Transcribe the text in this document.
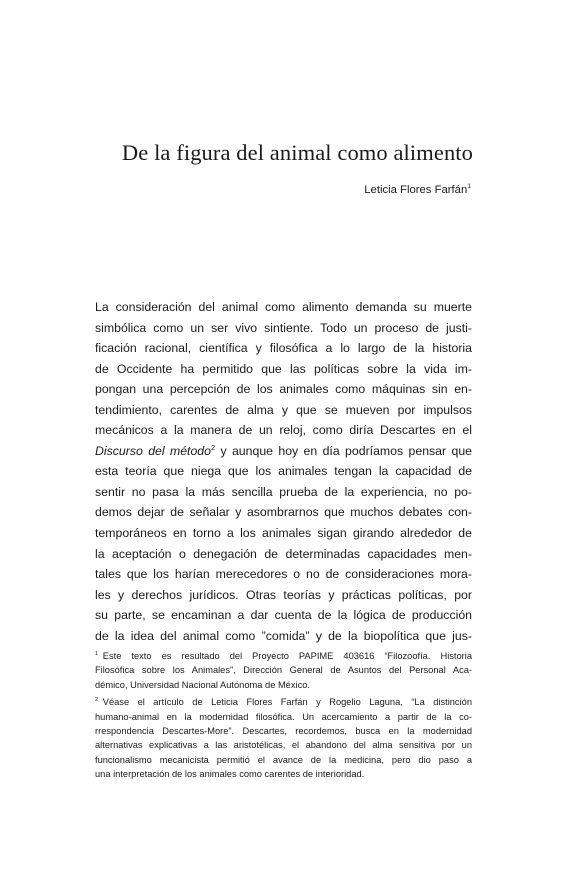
De la figura del animal como alimento

Leticia Flores Farfán$^1$

La consideración del animal como alimento demanda su muerte
simbólica como un ser vivo sintiente. Todo un proceso de justi-
ficación racional, científica y filosófica a lo largo de la historia
de Occidente ha permitido que las políticas sobre la vida im-
pongan una percepción de los animales como máquinas sin en-
tendimiento, carentes de alma y que se mueven por impulsos
mecánicos a la manera de un reloj, como diría Descartes en el
Discurso del método$^2$ y aunque hoy en día podríamos pensar que
esta teoría que niega que los animales tengan la capacidad de
sentir no pasa la más sencilla prueba de la experiencia, no po-
demos dejar de señalar y asombrarnos que muchos debates con-
temporáneos en torno a los animales sigan girando alrededor de
la aceptación o denegación de determinadas capacidades men-
tales que los harían merecedores o no de consideraciones mora-
les y derechos jurídicos. Otras teorías y prácticas políticas, por
su parte, se encaminan a dar cuenta de la lógica de producción
de la idea del animal como ”comida” y de la biopolítica que jus-

$^1$ Este texto es resultado del Proyecto PAPIME 403616 “Filozoofía. Historia
Filosófica sobre los Animales”, Dirección General de Asuntos del Personal Aca-
démico, Universidad Nacional Autónoma de México.

$^2$ Véase el artículo de Leticia Flores Farfán y Rogelio Laguna, “La distinción
humano-animal en la modernidad filosófica. Un acercamiento a partir de la co-
rrespondencia Descartes-More”. Descartes, recordemos, busca en la modernidad
alternativas explicativas a las aristotélicas, el abandono del alma sensitiva por un
funcionalismo mecanicista permitió el avance de la medicina, pero dio paso a
una interpretación de los animales como carentes de interioridad.
